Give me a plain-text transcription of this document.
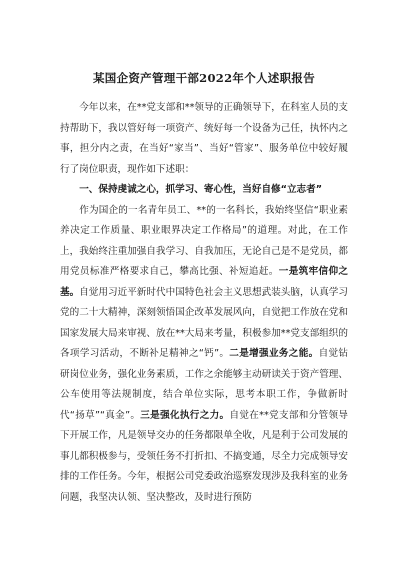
某国企资产管理干部2022年个人述职报告

今年以来，在**党支部和**领导的正确领导下，在科室人员的支持帮助下，我以管好每一项资产、统好每一个设备为己任，执怀内之事，担分内之责，在当好“家当”、当好“管家”、服务单位中较好履行了岗位职责，现作如下述职：

一、保持虔诚之心，抓学习、寄心性，当好自修“立志者”

作为国企的一名青年员工、**的一名科长，我始终坚信“职业素养决定工作质量、职业眼界决定工作格局”的道理。对此，在工作上，我始终注重加强自我学习、自我加压，无论自己是不是党员，都用党员标准严格要求自己，攀高比强、补短追赶。一是筑牢信仰之基。自觉用习近平新时代中国特色社会主义思想武装头脑，认真学习党的二十大精神，深刻领悟国企改革发展风向，自觉把工作放在党和国家发展大局来审视、放在**大局来考量，积极参加**党支部组织的各项学习活动，不断补足精神之“钙”。二是增强业务之能。自觉钻研岗位业务，强化业务素质，工作之余能够主动研读关于资产管理、公车使用等法规制度，结合单位实际，思考本职工作，争做新时代“扬草”“真金”。三是强化执行之力。自觉在**党支部和分管领导下开展工作，凡是领导交办的任务都限单全收，凡是利于公司发展的事儿都积极参与，受领任务不打折扣、不搞变通，尽全力完成领导安排的工作任务。今年，根据公司党委政治巡察发现涉及我科室的业务问题，我坚决认领、坚决整改，及时进行预防
